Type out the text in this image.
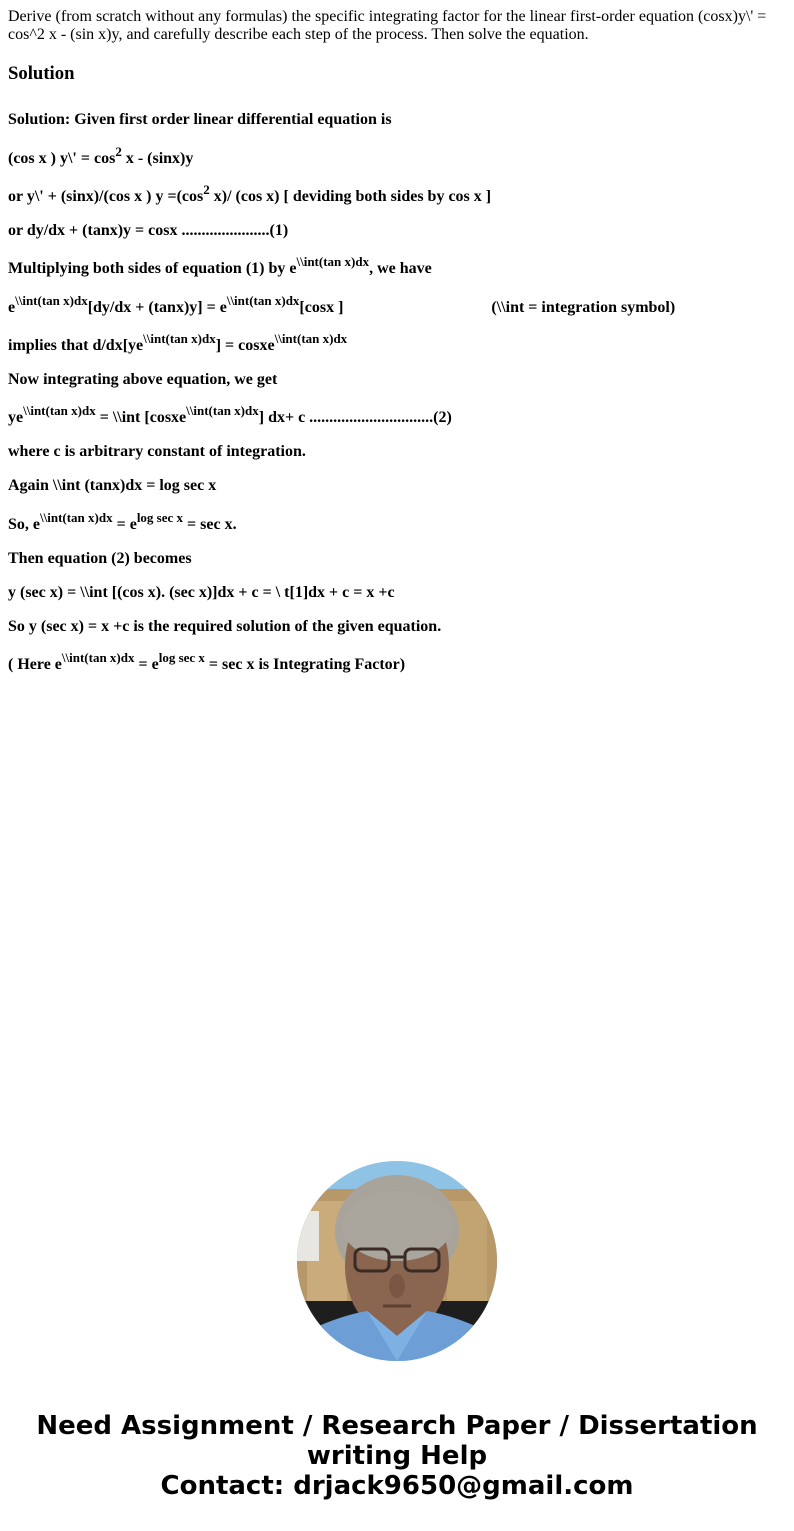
Derive (from scratch without any formulas) the specific integrating factor for the linear first-order equation (cosx)y\' = cos^2 x - (sin x)y, and carefully describe each step of the process. Then solve the equation.

Solution
Solution: Given first order linear differential equation is
(cos x ) y\' = $\cos^2 x - (\sin x)y$
or y\' + (sinx)/(cos x ) $y =(\cos^2$ x)/ (cos x) [ deviding both sides by cos x ]
or dy/dx + (tanx)y = cosx ......................(1)
Multiplying both sides of equation (1) by $e^{\backslash\backslash int(tan x)dx}$, we have
$e^{\backslash\backslash int(tan x)dx}[dy/dx + (\tan x)y] = e^{\backslash\backslash int(tan x)dx}[\cos x$ ]	(\\int = integration symbol)
implies that $d/dx[ye^{\backslash\backslash int(tan x)dx}]$ = cosxe$^{\backslash\backslash int(tan x)dx}$
Now integrating above equation, we get
$ye^{\backslash\backslash int(tan x)dx}$ = \\int [cosxe$^{\backslash\backslash int(tan x)dx}$] dx+ c ...............................(2)
where c is arbitrary constant of integration.
Again \\int (tanx)dx = log sec x
So, $e^{\backslash\backslash int(tan x)dx} = e^{log sec x} = \sec x$.
Then equation (2) becomes
y (sec x) = \\int [(cos x). (sec x)]dx + c = \ t[1]dx + c = x +c
So y (sec x) = x +c is the required solution of the given equation.
( Here $e^{\backslash\backslash int(tan x)dx} = e^{log sec x} = \sec x$ is Integrating Factor)
Need Assignment / Research Paper / Dissertation
writing Help
Contact: drjack9650@gmail.com
